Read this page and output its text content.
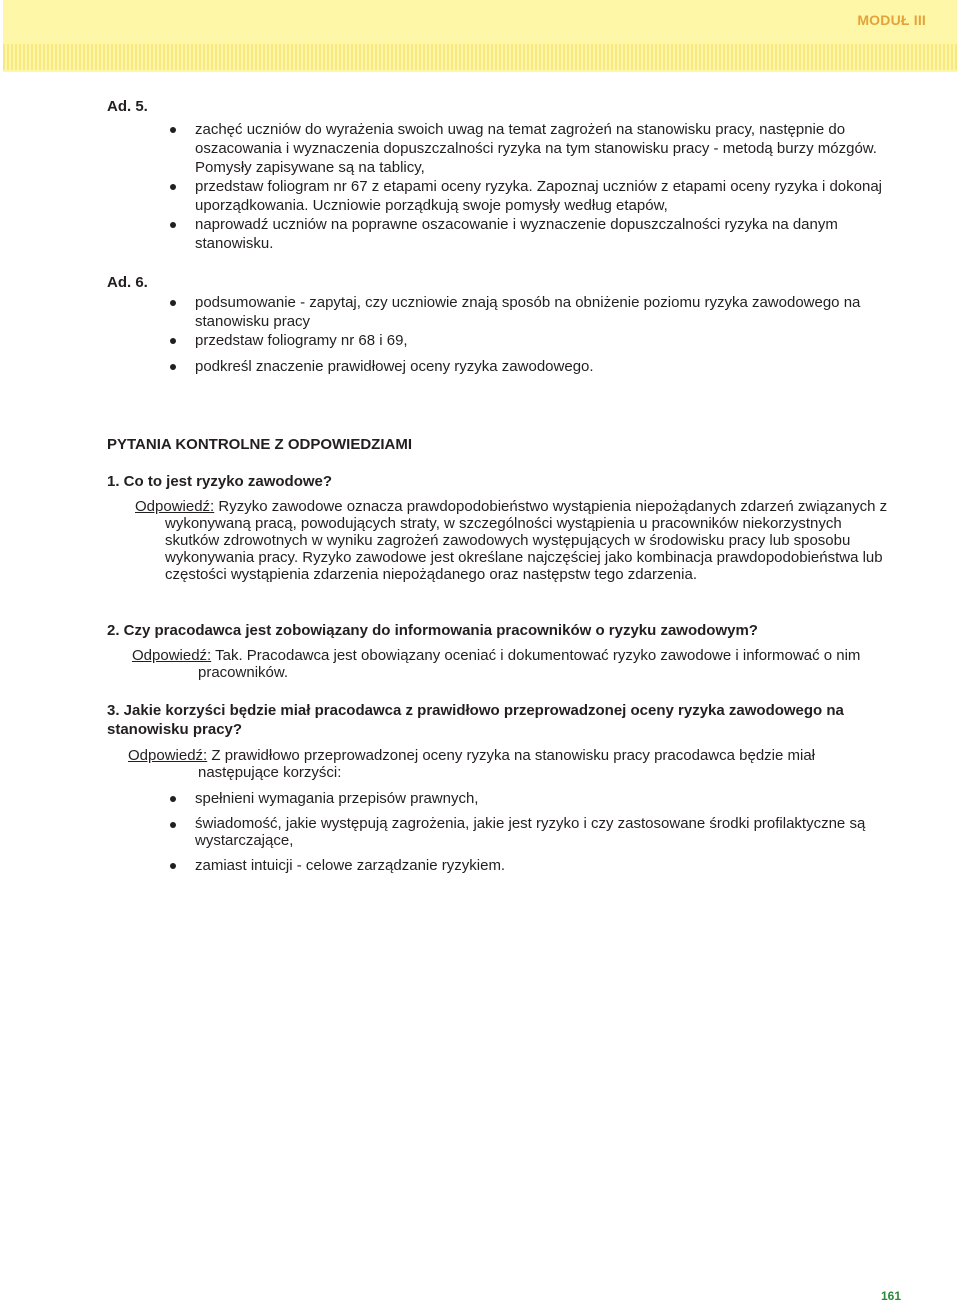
MODUŁ III
Ad. 5.
zachęć uczniów do wyrażenia swoich uwag na temat zagrożeń na stanowisku pracy, następnie do oszacowania i wyznaczenia dopuszczalności ryzyka na tym stanowisku pracy - metodą burzy mózgów. Pomysły zapisywane są na tablicy,
przedstaw foliogram nr 67 z etapami oceny ryzyka. Zapoznaj uczniów z etapami oceny ryzyka i dokonaj uporządkowania. Uczniowie porządkują swoje pomysły według etapów,
naprowadź uczniów na poprawne oszacowanie i wyznaczenie dopuszczalności ryzyka na danym stanowisku.
Ad. 6.
podsumowanie - zapytaj, czy uczniowie znają sposób na obniżenie poziomu ryzyka zawodowego na stanowisku pracy
przedstaw foliogramy nr 68 i 69,
podkreśl znaczenie prawidłowej oceny ryzyka zawodowego.
PYTANIA KONTROLNE Z ODPOWIEDZIAMI
1. Co to jest ryzyko zawodowe?
Odpowiedź: Ryzyko zawodowe oznacza prawdopodobieństwo wystąpienia niepożądanych zdarzeń związanych z wykonywaną pracą, powodujących straty, w szczególności wystąpienia u pracowników niekorzystnych skutków zdrowotnych w wyniku zagrożeń zawodowych występujących w środowisku pracy lub sposobu wykonywania pracy. Ryzyko zawodowe jest określane najczęściej jako kombinacja prawdopodobieństwa lub częstości wystąpienia zdarzenia niepożądanego oraz następstw tego zdarzenia.
2. Czy pracodawca jest zobowiązany do informowania pracowników o ryzyku zawodowym?
Odpowiedź: Tak. Pracodawca jest obowiązany oceniać i dokumentować ryzyko zawodowe i informować o nim pracowników.
3. Jakie korzyści będzie miał pracodawca z prawidłowo przeprowadzonej oceny ryzyka zawodowego na stanowisku pracy?
Odpowiedź: Z prawidłowo przeprowadzonej oceny ryzyka na stanowisku pracy pracodawca będzie miał następujące korzyści:
spełnieni wymagania przepisów prawnych,
świadomość, jakie występują zagrożenia, jakie jest ryzyko i czy zastosowane środki profilaktyczne są wystarczające,
zamiast intuicji - celowe zarządzanie ryzykiem.
161
